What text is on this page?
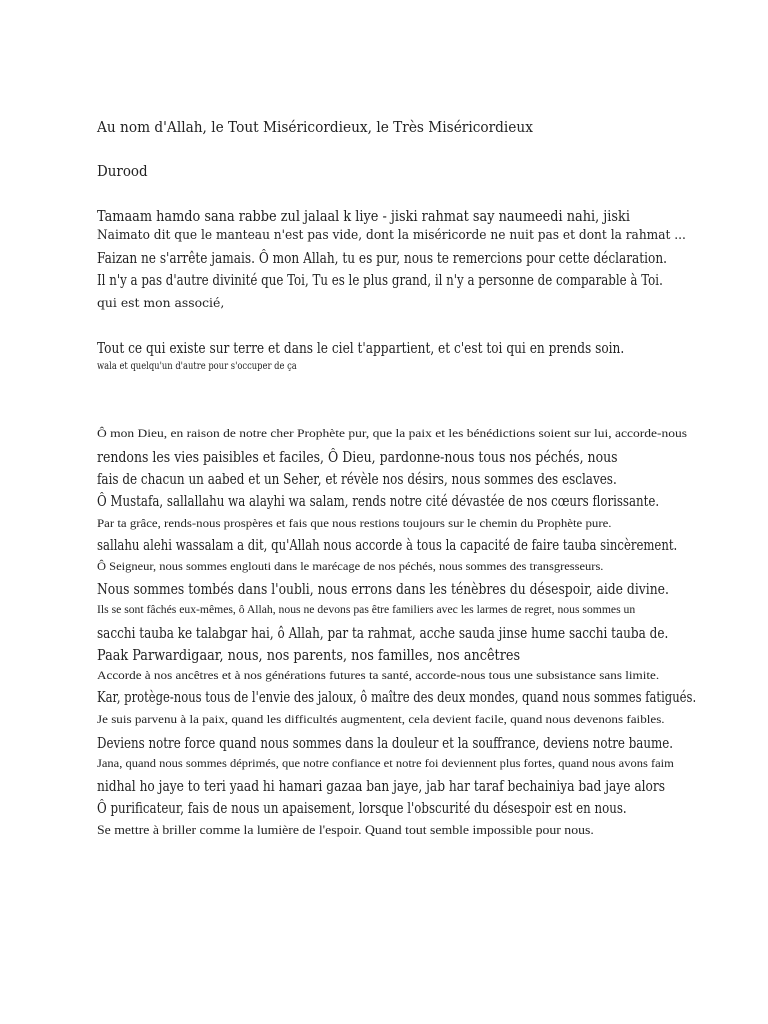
Au nom d'Allah, le Tout Miséricordieux, le Très Miséricordieux
Durood
Tamaam hamdo sana rabbe zul jalaal k liye - jiski rahmat say naumeedi nahi, jiski
Naimato dit que le manteau n'est pas vide, dont la miséricorde ne nuit pas et dont la rahmat ...
Faizan ne s'arrête jamais. Ô mon Allah, tu es pur, nous te remercions pour cette déclaration.
Il n'y a pas d'autre divinité que Toi, Tu es le plus grand, il n'y a personne de comparable à Toi.
qui est mon associé,
Tout ce qui existe sur terre et dans le ciel t'appartient, et c'est toi qui en prends soin.
wala et quelqu'un d'autre pour s'occuper de ça
Ô mon Dieu, en raison de notre cher Prophète pur, que la paix et les bénédictions soient sur lui, accorde-nous
rendons les vies paisibles et faciles, Ô Dieu, pardonne-nous tous nos péchés, nous
fais de chacun un aabed et un Seher, et révèle nos désirs, nous sommes des esclaves.
Ô Mustafa, sallallahu wa alayhi wa salam, rends notre cité dévastée de nos cœurs florissante.
Par ta grâce, rends-nous prospères et fais que nous restions toujours sur le chemin du Prophète pure.
sallahu alehi wassalam a dit, qu'Allah nous accorde à tous la capacité de faire tauba sincèrement.
Ô Seigneur, nous sommes englouti dans le marécage de nos péchés, nous sommes des transgresseurs.
Nous sommes tombés dans l'oubli, nous errons dans les ténèbres du désespoir, aide divine.
Ils se sont fâchés eux-mêmes, ô Allah, nous ne devons pas être familiers avec les larmes de regret, nous sommes un
sacchi tauba ke talabgar hai, ô Allah, par ta rahmat, acche sauda jinse hume sacchi tauba de.
Paak Parwardigaar, nous, nos parents, nos familles, nos ancêtres
Accorde à nos ancêtres et à nos générations futures ta santé, accorde-nous tous une subsistance sans limite.
Kar, protège-nous tous de l'envie des jaloux, ô maître des deux mondes, quand nous sommes fatigués.
Je suis parvenu à la paix, quand les difficultés augmentent, cela devient facile, quand nous devenons faibles.
Deviens notre force quand nous sommes dans la douleur et la souffrance, deviens notre baume.
Jana, quand nous sommes déprimés, que notre confiance et notre foi deviennent plus fortes, quand nous avons faim
nidhal ho jaye to teri yaad hi hamari gazaa ban jaye, jab har taraf bechainiya bad jaye alors
Ô purificateur, fais de nous un apaisement, lorsque l'obscurité du désespoir est en nous.
Se mettre à briller comme la lumière de l'espoir. Quand tout semble impossible pour nous.
